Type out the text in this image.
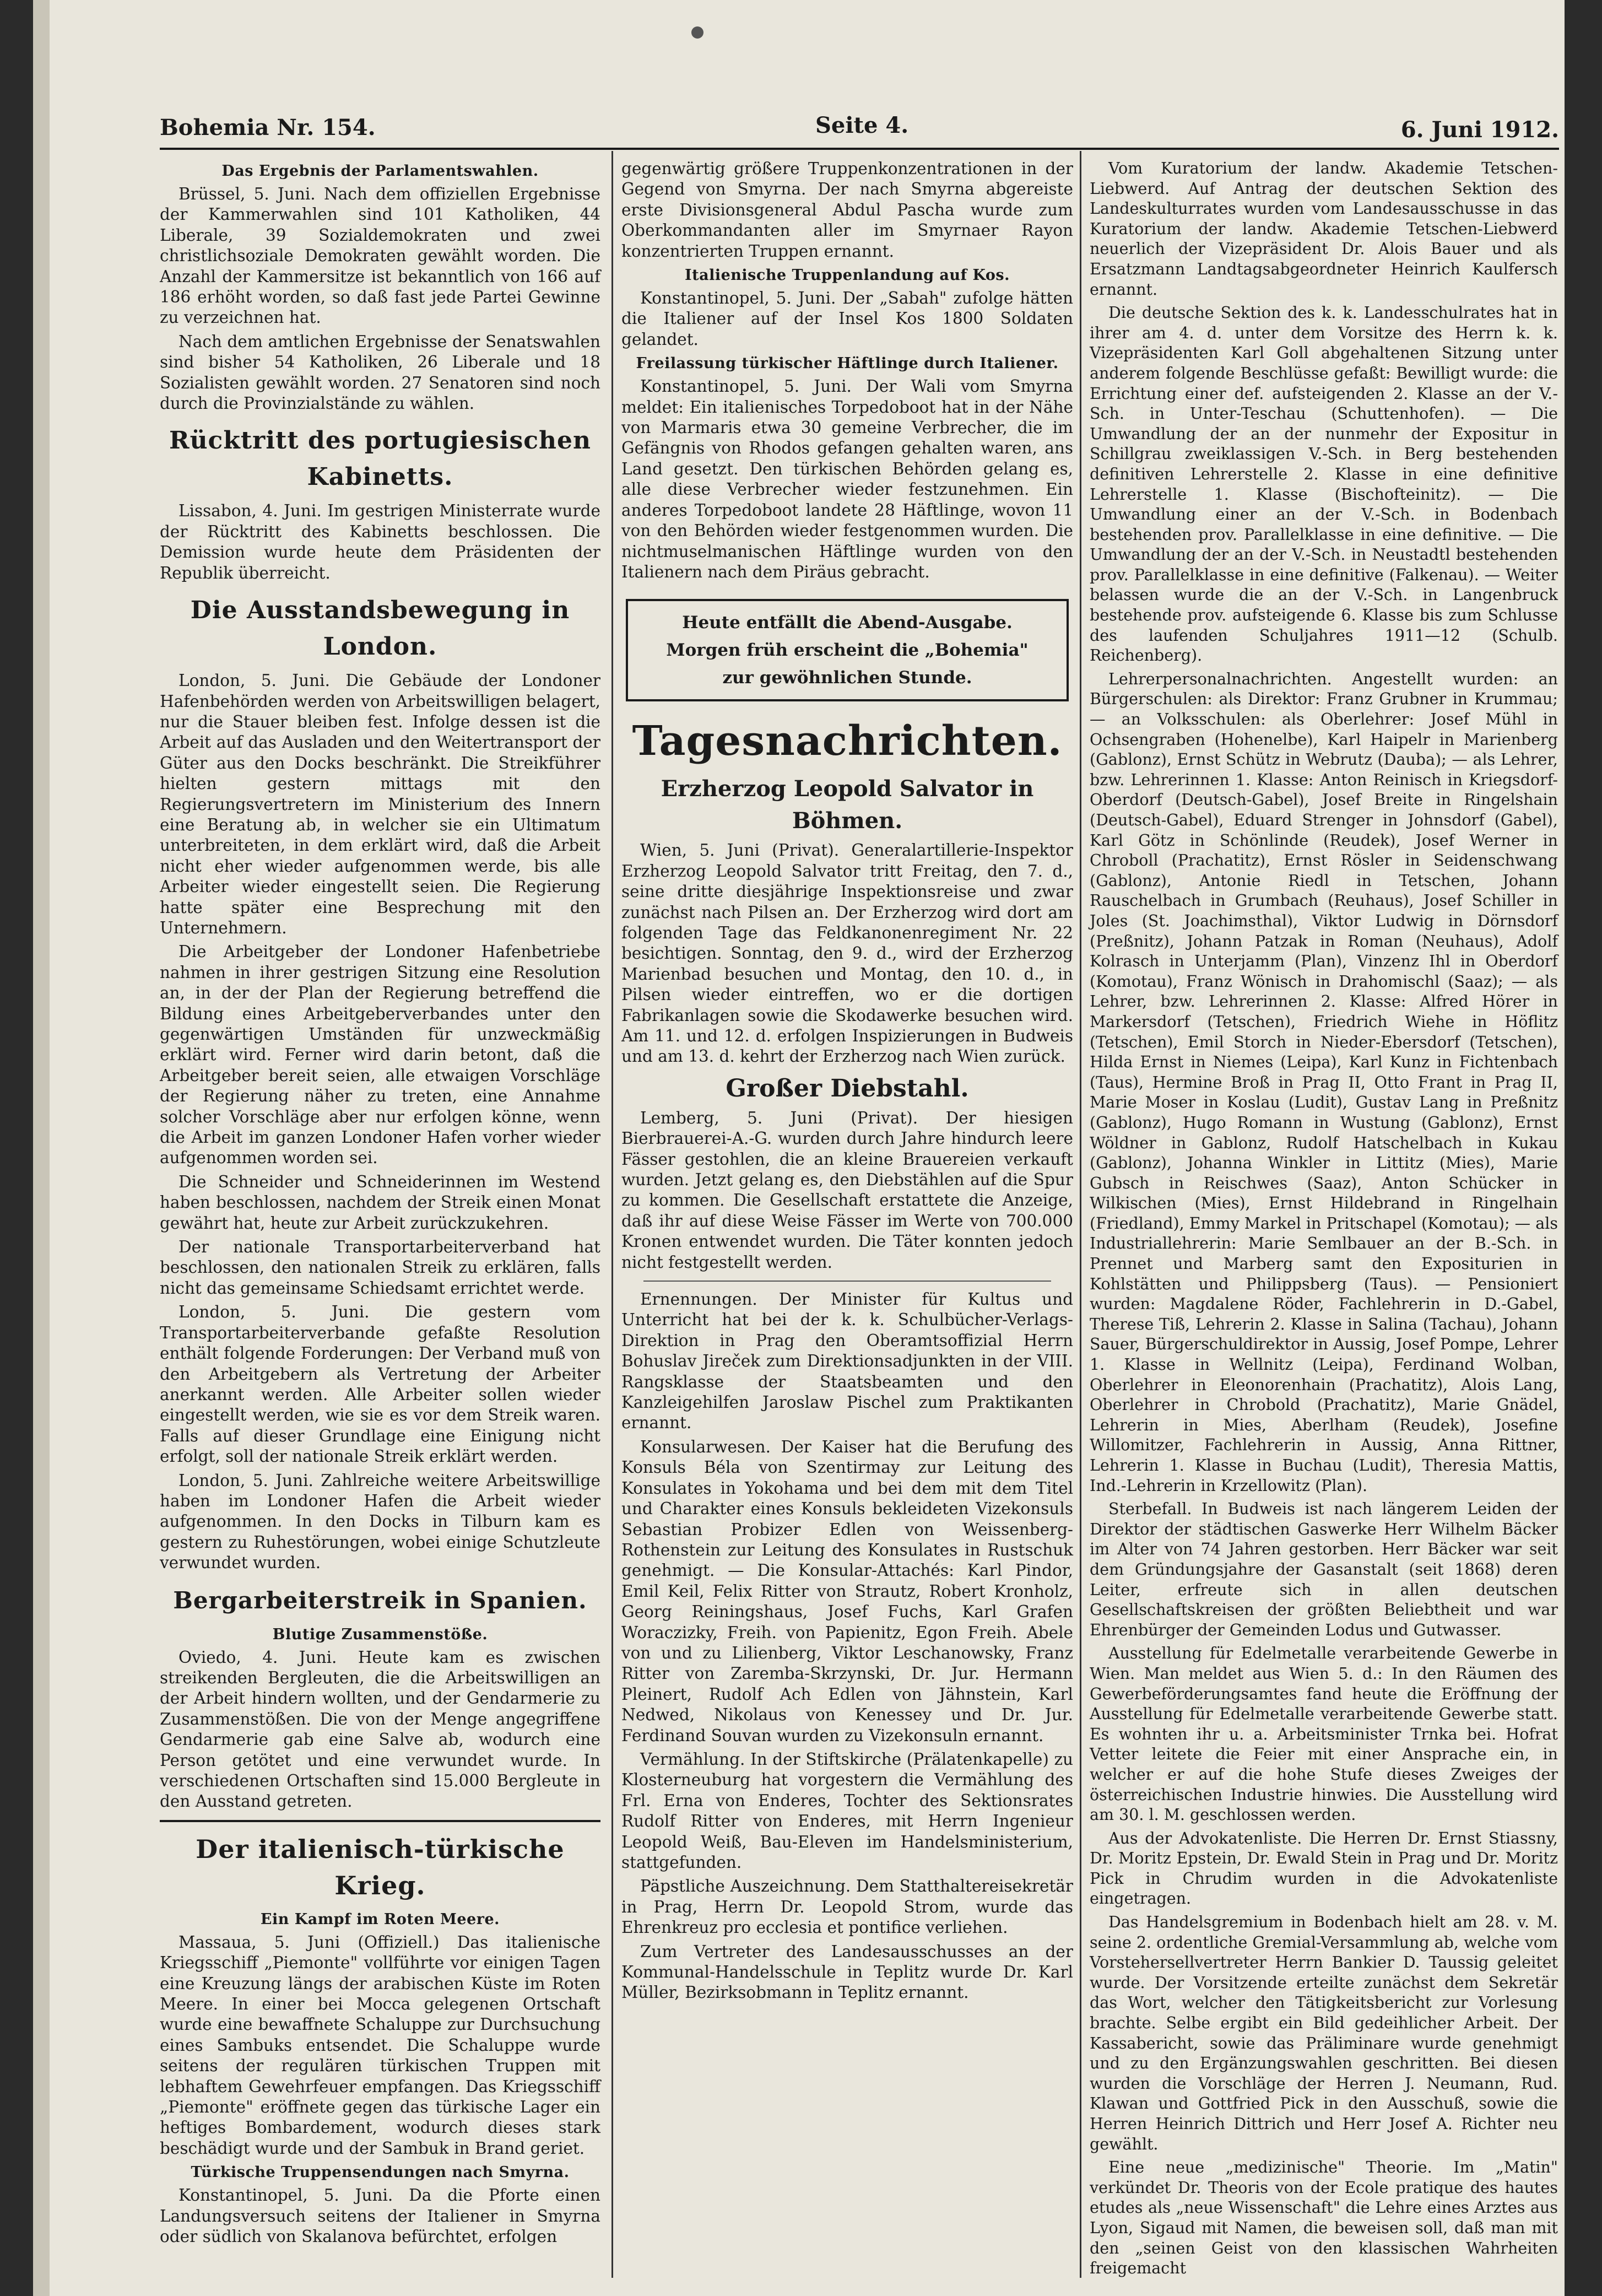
Bohemia Nr. 154.	Seite 4.	6. Juni 1912.
Das Ergebnis der Parlamentswahlen.

Brüssel, 5. Juni. Nach dem offiziellen Ergebnisse der Kammerwahlen sind 101 Katholiken, 44 Liberale, 39 Sozialdemokraten und zwei christlichsoziale Demokraten gewählt worden. Die Anzahl der Kammersitze ist bekanntlich von 166 auf 186 erhöht worden, so daß fast jede Partei Gewinne zu verzeichnen hat.

Nach dem amtlichen Ergebnisse der Senatswahlen sind bisher 54 Katholiken, 26 Liberale und 18 Sozialisten gewählt worden. 27 Senatoren sind noch durch die Provinzialstände zu wählen.

Rücktritt des portugiesischen Kabinetts.

Lissabon, 4. Juni. Im gestrigen Ministerrate wurde der Rücktritt des Kabinetts beschlossen. Die Demission wurde heute dem Präsidenten der Republik überreicht.

Die Ausstandsbewegung in London.

London, 5. Juni. Die Gebäude der Londoner Hafenbehörden werden von Arbeitswilligen belagert, nur die Stauer bleiben fest. Infolge dessen ist die Arbeit auf das Ausladen und den Weitertransport der Güter aus den Docks beschränkt. Die Streikführer hielten gestern mittags mit den Regierungsvertretern im Ministerium des Innern eine Beratung ab, in welcher sie ein Ultimatum unterbreiteten, in dem erklärt wird, daß die Arbeit nicht eher wieder aufgenommen werde, bis alle Arbeiter wieder eingestellt seien. Die Regierung hatte später eine Besprechung mit den Unternehmern.

Die Arbeitgeber der Londoner Hafenbetriebe nahmen in ihrer gestrigen Sitzung eine Resolution an, in der der Plan der Regierung betreffend die Bildung eines Arbeitgeberverbandes unter den gegenwärtigen Umständen für unzweckmäßig erklärt wird. Ferner wird darin betont, daß die Arbeitgeber bereit seien, alle etwaigen Vorschläge der Regierung näher zu treten, eine Annahme solcher Vorschläge aber nur erfolgen könne, wenn die Arbeit im ganzen Londoner Hafen vorher wieder aufgenommen worden sei.

Die Schneider und Schneiderinnen im Westend haben beschlossen, nachdem der Streik einen Monat gewährt hat, heute zur Arbeit zurückzukehren.

Der nationale Transportarbeiterverband hat beschlossen, den nationalen Streik zu erklären, falls nicht das gemeinsame Schiedsamt errichtet werde.

London, 5. Juni. Die gestern vom Transportarbeiterverbande gefaßte Resolution enthält folgende Forderungen: Der Verband muß von den Arbeitgebern als Vertretung der Arbeiter anerkannt werden. Alle Arbeiter sollen wieder eingestellt werden, wie sie es vor dem Streik waren. Falls auf dieser Grundlage eine Einigung nicht erfolgt, soll der nationale Streik erklärt werden.

London, 5. Juni. Zahlreiche weitere Arbeitswillige haben im Londoner Hafen die Arbeit wieder aufgenommen. In den Docks in Tilburn kam es gestern zu Ruhestörungen, wobei einige Schutzleute verwundet wurden.

Bergarbeiterstreik in Spanien.
Blutige Zusammenstöße.

Oviedo, 4. Juni. Heute kam es zwischen streikenden Bergleuten, die die Arbeitswilligen an der Arbeit hindern wollten, und der Gendarmerie zu Zusammenstößen. Die von der Menge angegriffene Gendarmerie gab eine Salve ab, wodurch eine Person getötet und eine verwundet wurde. In verschiedenen Ortschaften sind 15.000 Bergleute in den Ausstand getreten.

Der italienisch-türkische Krieg.
Ein Kampf im Roten Meere.

Massaua, 5. Juni (Offiziell.) Das italienische Kriegsschiff „Piemonte" vollführte vor einigen Tagen eine Kreuzung längs der arabischen Küste im Roten Meere. In einer bei Mocca gelegenen Ortschaft wurde eine bewaffnete Schaluppe zur Durchsuchung eines Sambuks entsendet. Die Schaluppe wurde seitens der regulären türkischen Truppen mit lebhaftem Gewehrfeuer empfangen. Das Kriegsschiff „Piemonte" eröffnete gegen das türkische Lager ein heftiges Bombardement, wodurch dieses stark beschädigt wurde und der Sambuk in Brand geriet.

Türkische Truppensendungen nach Smyrna.

Konstantinopel, 5. Juni. Da die Pforte einen Landungsversuch seitens der Italiener in Smyrna oder südlich von Skalanova befürchtet, erfolgen

gegenwärtig größere Truppenkonzentrationen in der Gegend von Smyrna. Der nach Smyrna abgereiste erste Divisionsgeneral Abdul Pascha wurde zum Oberkommandanten aller im Smyrnaer Rayon konzentrierten Truppen ernannt.

Italienische Truppenlandung auf Kos.

Konstantinopel, 5. Juni. Der „Sabah" zufolge hätten die Italiener auf der Insel Kos 1800 Soldaten gelandet.

Freilassung türkischer Häftlinge durch Italiener.

Konstantinopel, 5. Juni. Der Wali vom Smyrna meldet: Ein italienisches Torpedoboot hat in der Nähe von Marmaris etwa 30 gemeine Verbrecher, die im Gefängnis von Rhodos gefangen gehalten waren, ans Land gesetzt. Den türkischen Behörden gelang es, alle diese Verbrecher wieder festzunehmen. Ein anderes Torpedoboot landete 28 Häftlinge, wovon 11 von den Behörden wieder festgenommen wurden. Die nichtmuselmanischen Häftlinge wurden von den Italienern nach dem Piräus gebracht.

Heute entfällt die Abend-Ausgabe.
Morgen früh erscheint die „Bohemia"
zur gewöhnlichen Stunde.
Tagesnachrichten.
Erzherzog Leopold Salvator in Böhmen.

Wien, 5. Juni (Privat). Generalartillerie-Inspektor Erzherzog Leopold Salvator tritt Freitag, den 7. d., seine dritte diesjährige Inspektionsreise und zwar zunächst nach Pilsen an. Der Erzherzog wird dort am folgenden Tage das Feldkanonenregiment Nr. 22 besichtigen. Sonntag, den 9. d., wird der Erzherzog Marienbad besuchen und Montag, den 10. d., in Pilsen wieder eintreffen, wo er die dortigen Fabrikanlagen sowie die Skodawerke besuchen wird. Am 11. und 12. d. erfolgen Inspizierungen in Budweis und am 13. d. kehrt der Erzherzog nach Wien zurück.

Großer Diebstahl.

Lemberg, 5. Juni (Privat). Der hiesigen Bierbrauerei-A.-G. wurden durch Jahre hindurch leere Fässer gestohlen, die an kleine Brauereien verkauft wurden. Jetzt gelang es, den Diebstählen auf die Spur zu kommen. Die Gesellschaft erstattete die Anzeige, daß ihr auf diese Weise Fässer im Werte von 700.000 Kronen entwendet wurden. Die Täter konnten jedoch nicht festgestellt werden.

Ernennungen. Der Minister für Kultus und Unterricht hat bei der k. k. Schulbücher-Verlags-Direktion in Prag den Oberamtsoffizial Herrn Bohuslav Jireček zum Direktionsadjunkten in der VIII. Rangsklasse der Staatsbeamten und den Kanzleigehilfen Jaroslaw Pischel zum Praktikanten ernannt.

Konsularwesen. Der Kaiser hat die Berufung des Konsuls Béla von Szentirmay zur Leitung des Konsulates in Yokohama und bei dem mit dem Titel und Charakter eines Konsuls bekleideten Vizekonsuls Sebastian Probizer Edlen von Weissenberg-Rothenstein zur Leitung des Konsulates in Rustschuk genehmigt. — Die Konsular-Attachés: Karl Pindor, Emil Keil, Felix Ritter von Strautz, Robert Kronholz, Georg Reiningshaus, Josef Fuchs, Karl Grafen Woraczizky, Freih. von Papienitz, Egon Freih. Abele von und zu Lilienberg, Viktor Leschanowsky, Franz Ritter von Zaremba-Skrzynski, Dr. Jur. Hermann Pleinert, Rudolf Ach Edlen von Jähnstein, Karl Nedwed, Nikolaus von Kenessey und Dr. Jur. Ferdinand Souvan wurden zu Vizekonsuln ernannt.

Vermählung. In der Stiftskirche (Prälatenkapelle) zu Klosterneuburg hat vorgestern die Vermählung des Frl. Erna von Enderes, Tochter des Sektionsrates Rudolf Ritter von Enderes, mit Herrn Ingenieur Leopold Weiß, Bau-Eleven im Handelsministerium, stattgefunden.

Päpstliche Auszeichnung. Dem Statthaltereisekretär in Prag, Herrn Dr. Leopold Strom, wurde das Ehrenkreuz pro ecclesia et pontifice verliehen.

Zum Vertreter des Landesausschusses an der Kommunal-Handelsschule in Teplitz wurde Dr. Karl Müller, Bezirksobmann in Teplitz ernannt.

Vom Kuratorium der landw. Akademie Tetschen-Liebwerd. Auf Antrag der deutschen Sektion des Landeskulturrates wurden vom Landesausschusse in das Kuratorium der landw. Akademie Tetschen-Liebwerd neuerlich der Vizepräsident Dr. Alois Bauer und als Ersatzmann Landtagsabgeordneter Heinrich Kaulfersch ernannt.

Die deutsche Sektion des k. k. Landesschulrates hat in ihrer am 4. d. unter dem Vorsitze des Herrn k. k. Vizepräsidenten Karl Goll abgehaltenen Sitzung unter anderem folgende Beschlüsse gefaßt: Bewilligt wurde: die Errichtung einer def. aufsteigenden 2. Klasse an der V.-Sch. in Unter-Teschau (Schuttenhofen). — Die Umwandlung der an der nunmehr der Expositur in Schillgrau zweiklassigen V.-Sch. in Berg bestehenden definitiven Lehrerstelle 2. Klasse in eine definitive Lehrerstelle 1. Klasse (Bischofteinitz). — Die Umwandlung einer an der V.-Sch. in Bodenbach bestehenden prov. Parallelklasse in eine definitive. — Die Umwandlung der an der V.-Sch. in Neustadtl bestehenden prov. Parallelklasse in eine definitive (Falkenau). — Weiter belassen wurde die an der V.-Sch. in Langenbruck bestehende prov. aufsteigende 6. Klasse bis zum Schlusse des laufenden Schuljahres 1911—12 (Schulb. Reichenberg).

Lehrerpersonalnachrichten. Angestellt wurden: an Bürgerschulen: als Direktor: Franz Grubner in Krummau; — an Volksschulen: als Oberlehrer: Josef Mühl in Ochsengraben (Hohenelbe), Karl Haipelr in Marienberg (Gablonz), Ernst Schütz in Webrutz (Dauba); — als Lehrer, bzw. Lehrerinnen 1. Klasse: Anton Reinisch in Kriegsdorf-Oberdorf (Deutsch-Gabel), Josef Breite in Ringelshain (Deutsch-Gabel), Eduard Strenger in Johnsdorf (Gabel), Karl Götz in Schönlinde (Reudek), Josef Werner in Chroboll (Prachatitz), Ernst Rösler in Seidenschwang (Gablonz), Antonie Riedl in Tetschen, Johann Rauschelbach in Grumbach (Reuhaus), Josef Schiller in Joles (St. Joachimsthal), Viktor Ludwig in Dörnsdorf (Preßnitz), Johann Patzak in Roman (Neuhaus), Adolf Kolrasch in Unterjamm (Plan), Vinzenz Ihl in Oberdorf (Komotau), Franz Wönisch in Drahomischl (Saaz); — als Lehrer, bzw. Lehrerinnen 2. Klasse: Alfred Hörer in Markersdorf (Tetschen), Friedrich Wiehe in Höflitz (Tetschen), Emil Storch in Nieder-Ebersdorf (Tetschen), Hilda Ernst in Niemes (Leipa), Karl Kunz in Fichtenbach (Taus), Hermine Broß in Prag II, Otto Frant in Prag II, Marie Moser in Koslau (Ludit), Gustav Lang in Preßnitz (Gablonz), Hugo Romann in Wustung (Gablonz), Ernst Wöldner in Gablonz, Rudolf Hatschelbach in Kukau (Gablonz), Johanna Winkler in Littitz (Mies), Marie Gubsch in Reischwes (Saaz), Anton Schücker in Wilkischen (Mies), Ernst Hildebrand in Ringelhain (Friedland), Emmy Markel in Pritschapel (Komotau); — als Industriallehrerin: Marie Semlbauer an der B.-Sch. in Prennet und Marberg samt den Expositurien in Kohlstätten und Philippsberg (Taus). — Pensioniert wurden: Magdalene Röder, Fachlehrerin in D.-Gabel, Therese Tiß, Lehrerin 2. Klasse in Salina (Tachau), Johann Sauer, Bürgerschuldirektor in Aussig, Josef Pompe, Lehrer 1. Klasse in Wellnitz (Leipa), Ferdinand Wolban, Oberlehrer in Eleonorenhain (Prachatitz), Alois Lang, Oberlehrer in Chrobold (Prachatitz), Marie Gnädel, Lehrerin in Mies, Aberlham (Reudek), Josefine Willomitzer, Fachlehrerin in Aussig, Anna Rittner, Lehrerin 1. Klasse in Buchau (Ludit), Theresia Mattis, Ind.-Lehrerin in Krzellowitz (Plan).

Sterbefall. In Budweis ist nach längerem Leiden der Direktor der städtischen Gaswerke Herr Wilhelm Bäcker im Alter von 74 Jahren gestorben. Herr Bäcker war seit dem Gründungsjahre der Gasanstalt (seit 1868) deren Leiter, erfreute sich in allen deutschen Gesellschaftskreisen der größten Beliebtheit und war Ehrenbürger der Gemeinden Lodus und Gutwasser.

Ausstellung für Edelmetalle verarbeitende Gewerbe in Wien. Man meldet aus Wien 5. d.: In den Räumen des Gewerbeförderungsamtes fand heute die Eröffnung der Ausstellung für Edelmetalle verarbeitende Gewerbe statt. Es wohnten ihr u. a. Arbeitsminister Trnka bei. Hofrat Vetter leitete die Feier mit einer Ansprache ein, in welcher er auf die hohe Stufe dieses Zweiges der österreichischen Industrie hinwies. Die Ausstellung wird am 30. l. M. geschlossen werden.

Aus der Advokatenliste. Die Herren Dr. Ernst Stiassny, Dr. Moritz Epstein, Dr. Ewald Stein in Prag und Dr. Moritz Pick in Chrudim wurden in die Advokatenliste eingetragen.

Das Handelsgremium in Bodenbach hielt am 28. v. M. seine 2. ordentliche Gremial-Versammlung ab, welche vom Vorstehersellvertreter Herrn Bankier D. Taussig geleitet wurde. Der Vorsitzende erteilte zunächst dem Sekretär das Wort, welcher den Tätigkeitsbericht zur Vorlesung brachte. Selbe ergibt ein Bild gedeihlicher Arbeit. Der Kassabericht, sowie das Präliminare wurde genehmigt und zu den Ergänzungswahlen geschritten. Bei diesen wurden die Vorschläge der Herren J. Neumann, Rud. Klawan und Gottfried Pick in den Ausschuß, sowie die Herren Heinrich Dittrich und Herr Josef A. Richter neu gewählt.

Eine neue „medizinische" Theorie. Im „Matin" verkündet Dr. Theoris von der Ecole pratique des hautes etudes als „neue Wissenschaft" die Lehre eines Arztes aus Lyon, Sigaud mit Namen, die beweisen soll, daß man mit den „seinen Geist von den klassischen Wahrheiten freigemacht
